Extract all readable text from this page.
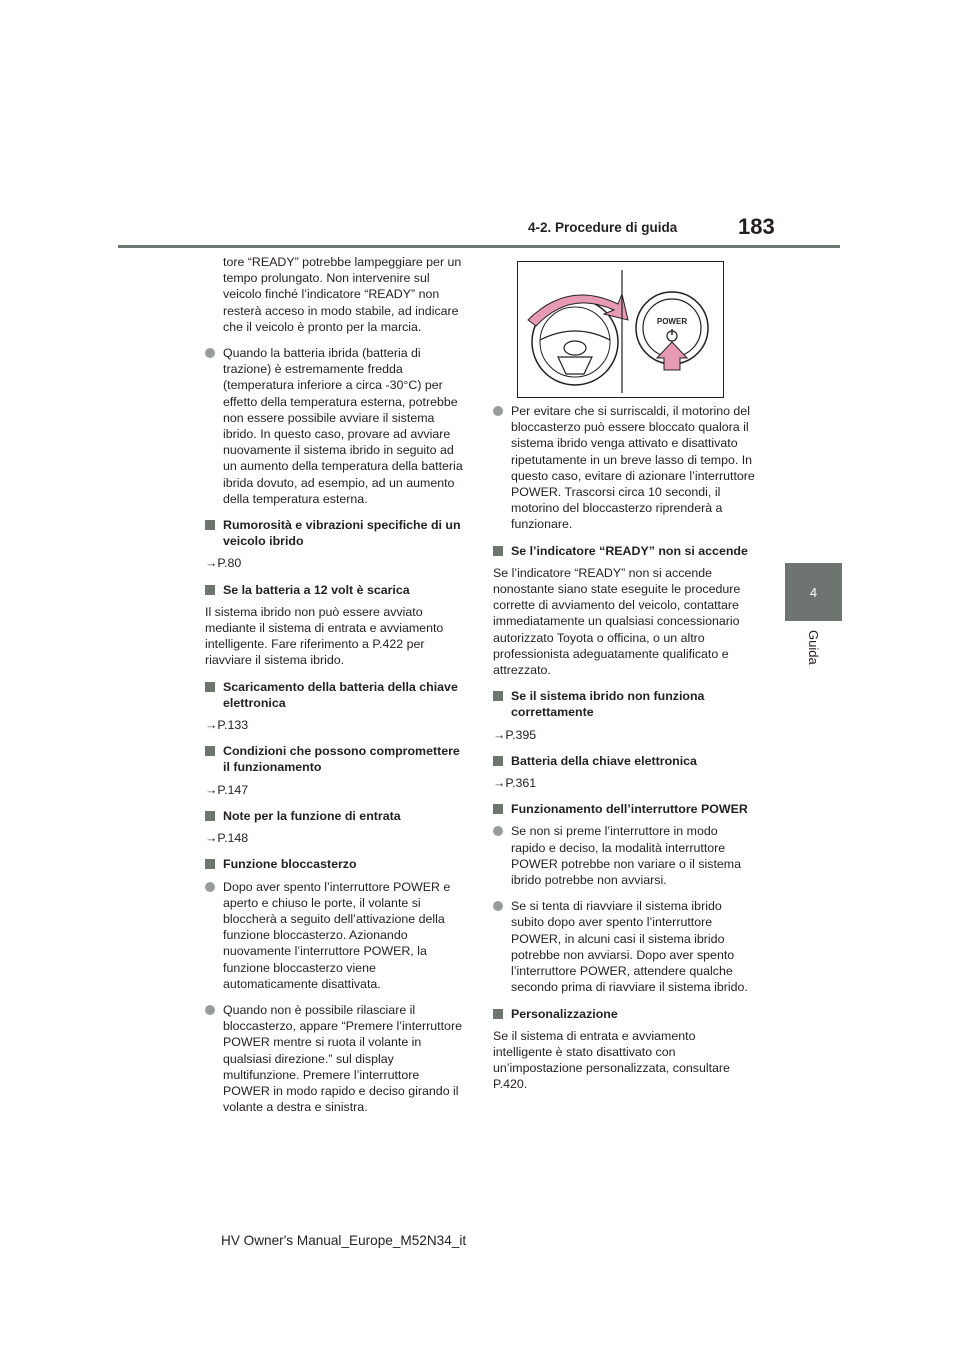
4-2. Procedure di guida	183
4
Guida
tore “READY” potrebbe lampeggiare per un tempo prolungato. Non intervenire sul veicolo finché l’indicatore “READY” non resterà acceso in modo stabile, ad indicare che il veicolo è pronto per la marcia.
Quando la batteria ibrida (batteria di trazione) è estremamente fredda (temperatura inferiore a circa -30°C) per effetto della temperatura esterna, potrebbe non essere possibile avviare il sistema ibrido. In questo caso, provare ad avviare nuovamente il sistema ibrido in seguito ad un aumento della temperatura della batteria ibrida dovuto, ad esempio, ad un aumento della temperatura esterna.
Rumorosità e vibrazioni specifiche di un veicolo ibrido
→P.80
Se la batteria a 12 volt è scarica
Il sistema ibrido non può essere avviato mediante il sistema di entrata e avviamento intelligente. Fare riferimento a P.422 per riavviare il sistema ibrido.
Scaricamento della batteria della chiave elettronica
→P.133
Condizioni che possono compromettere il funzionamento
→P.147
Note per la funzione di entrata
→P.148
Funzione bloccasterzo
Dopo aver spento l’interruttore POWER e aperto e chiuso le porte, il volante si bloccherà a seguito dell’attivazione della funzione bloccasterzo. Azionando nuovamente l’interruttore POWER, la funzione bloccasterzo viene automaticamente disattivata.
Quando non è possibile rilasciare il bloccasterzo, appare “Premere l’interruttore POWER mentre si ruota il volante in qualsiasi direzione.” sul display multifunzione. Premere l’interruttore POWER in modo rapido e deciso girando il volante a destra e sinistra.
POWER
Per evitare che si surriscaldi, il motorino del bloccasterzo può essere bloccato qualora il sistema ibrido venga attivato e disattivato ripetutamente in un breve lasso di tempo. In questo caso, evitare di azionare l’interruttore POWER. Trascorsi circa 10 secondi, il motorino del bloccasterzo riprenderà a funzionare.
Se l’indicatore “READY” non si accende
Se l’indicatore “READY” non si accende nonostante siano state eseguite le procedure corrette di avviamento del veicolo, contattare immediatamente un qualsiasi concessionario autorizzato Toyota o officina, o un altro professionista adeguatamente qualificato e attrezzato.
Se il sistema ibrido non funziona correttamente
→P.395
Batteria della chiave elettronica
→P.361
Funzionamento dell’interruttore POWER
Se non si preme l’interruttore in modo rapido e deciso, la modalità interruttore POWER potrebbe non variare o il sistema ibrido potrebbe non avviarsi.
Se si tenta di riavviare il sistema ibrido subito dopo aver spento l’interruttore POWER, in alcuni casi il sistema ibrido potrebbe non avviarsi. Dopo aver spento l’interruttore POWER, attendere qualche secondo prima di riavviare il sistema ibrido.
Personalizzazione
Se il sistema di entrata e avviamento intelligente è stato disattivato con un’impostazione personalizzata, consultare P.420.
HV Owner's Manual_Europe_M52N34_it
